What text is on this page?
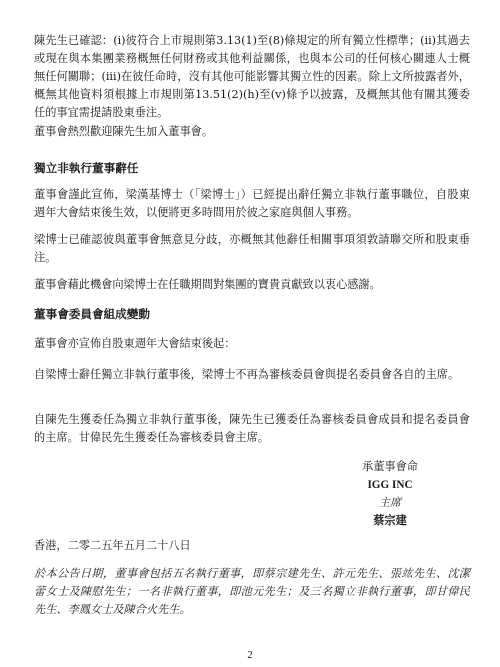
陳先生已確認：(i)彼符合上市規則第3.13(1)至(8)條規定的所有獨立性標準；(ii)其過去或現在與本集團業務概無任何財務或其他利益關係，也與本公司的任何核心關連人士概無任何關聯；(iii)在彼任命時，沒有其他可能影響其獨立性的因素。除上文所披露者外，概無其他資料須根據上市規則第13.51(2)(h)至(v)條予以披露，及概無其他有關其獲委任的事宜需提請股東垂注。

董事會熱烈歡迎陳先生加入董事會。

獨立非執行董事辭任

董事會謹此宣佈，梁漢基博士（「梁博士」）已經提出辭任獨立非執行董事職位，自股東週年大會結束後生效，以便將更多時間用於彼之家庭與個人事務。

梁博士已確認彼與董事會無意見分歧，亦概無其他辭任相關事項須敦請聯交所和股東垂注。

董事會藉此機會向梁博士在任職期間對集團的寶貴貢獻致以衷心感謝。

董事會委員會組成變動

董事會亦宣佈自股東週年大會結束後起：

自梁博士辭任獨立非執行董事後，梁博士不再為審核委員會與提名委員會各自的主席。

自陳先生獲委任為獨立非執行董事後，陳先生已獲委任為審核委員會成員和提名委員會的主席。甘偉民先生獲委任為審核委員會主席。

承董事會命
IGG INC
主席
蔡宗建

香港，二零二五年五月二十八日

於本公告日期，董事會包括五名執行董事，即蔡宗建先生、許元先生、張竑先生、沈潔蕾女士及陳慰先生；一名非執行董事，即池元先生；及三名獨立非執行董事，即甘偉民先生、李鳳女士及陳合火先生。

2
